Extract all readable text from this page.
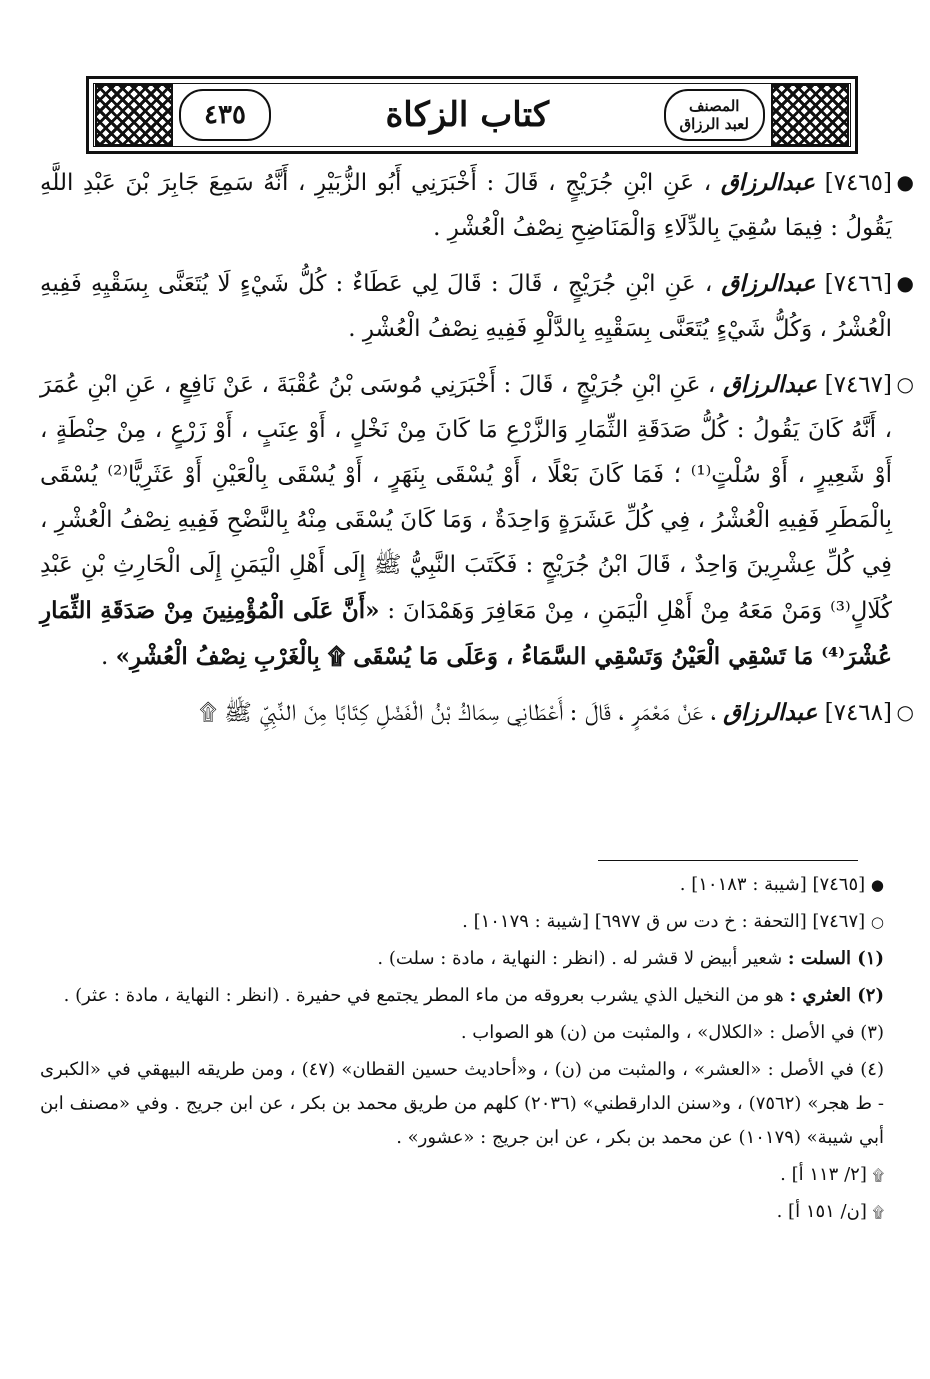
٤٣٥	كتاب الزكاة	المصنف
لعبد الرزاق

●
[٧٤٦٥] عبدالرزاق ، عَنِ ابْنِ جُرَيْجٍ ، قَالَ : أَخْبَرَنِي أَبُو الزُّبَيْرِ ، أَنَّهُ سَمِعَ جَابِرَ بْنَ عَبْدِ اللَّهِ يَقُولُ : فِيمَا سُقِيَ بِالدِّلَاءِ وَالْمَنَاضِحِ نِصْفُ الْعُشْرِ .

●
[٧٤٦٦] عبدالرزاق ، عَنِ ابْنِ جُرَيْجٍ ، قَالَ : قَالَ لِي عَطَاءٌ : كُلُّ شَيْءٍ لَا يُتَعَنَّى بِسَقْيِهِ فَفِيهِ الْعُشْرُ ، وَكُلُّ شَيْءٍ يُتَعَنَّى بِسَقْيِهِ بِالدَّلْوِ فَفِيهِ نِصْفُ الْعُشْرِ .

○
[٧٤٦٧] عبدالرزاق ، عَنِ ابْنِ جُرَيْجٍ ، قَالَ : أَخْبَرَنِي مُوسَى بْنُ عُقْبَةَ ، عَنْ نَافِعٍ ، عَنِ ابْنِ عُمَرَ ، أَنَّهُ كَانَ يَقُولُ : كُلُّ صَدَقَةِ الثِّمَارِ وَالزَّرْعِ مَا كَانَ مِنْ نَخْلٍ ، أَوْ عِنَبٍ ، أَوْ زَرْعٍ ، مِنْ حِنْطَةٍ ، أَوْ شَعِيرٍ ، أَوْ سُلْتٍ⁽¹⁾ ؛ فَمَا كَانَ بَعْلًا ، أَوْ يُسْقَى بِنَهَرٍ ، أَوْ يُسْقَى بِالْعَيْنِ أَوْ عَثَرِيًّا⁽²⁾ يُسْقَى بِالْمَطَرِ فَفِيهِ الْعُشْرُ ، فِي كُلِّ عَشَرَةٍ وَاحِدَةٌ ، وَمَا كَانَ يُسْقَى مِنْهُ بِالنَّضْحِ فَفِيهِ نِصْفُ الْعُشْرِ ، فِي كُلِّ عِشْرِينَ وَاحِدٌ ، قَالَ ابْنُ جُرَيْجٍ : فَكَتَبَ النَّبِيُّ ﷺ إِلَى أَهْلِ الْيَمَنِ إِلَى الْحَارِثِ بْنِ عَبْدِ كُلَالٍ⁽³⁾ وَمَنْ مَعَهُ مِنْ أَهْلِ الْيَمَنِ ، مِنْ مَعَافِرَ وَهَمْدَانَ : «أَنَّ عَلَى الْمُؤْمِنِينَ مِنْ صَدَقَةِ الثِّمَارِ عُشْرَ⁽⁴⁾ مَا تَسْقِي الْعَيْنُ وَتَسْقِي السَّمَاءُ ، وَعَلَى مَا يُسْقَى ۩ بِالْغَرْبِ نِصْفُ الْعُشْرِ» .

○
[٧٤٦٨] عبدالرزاق ، عَنْ مَعْمَرٍ ، قَالَ : أَعْطَانِي سِمَاكُ بْنُ الْفَضْلِ كِتَابًا مِنَ النَّبِيِّ ﷺ ۩

● [٧٤٦٥] [شيبة : ١٠١٨٣] .

○ [٧٤٦٧] [التحفة : خ دت س ق ٦٩٧٧] [شيبة : ١٠١٧٩] .

(١) السلت : شعير أبيض لا قشر له . (انظر : النهاية ، مادة : سلت) .

(٢) العثري : هو من النخيل الذي يشرب بعروقه من ماء المطر يجتمع في حفيرة . (انظر : النهاية ، مادة : عثر) .

(٣) في الأصل : «الكلال» ، والمثبت من (ن) هو الصواب .

(٤) في الأصل : «العشر» ، والمثبت من (ن) ، و«أحاديث حسين القطان» (٤٧) ، ومن طريقه البيهقي في «الكبرى - ط هجر» (٧٥٦٢) ، و«سنن الدارقطني» (٢٠٣٦) كلهم من طريق محمد بن بكر ، عن ابن جريج . وفي «مصنف ابن أبي شيبة» (١٠١٧٩) عن محمد بن بكر ، عن ابن جريج : «عشور» .

۩ [٢/ ١١٣ أ] .

۩ [ن/ ١٥١ أ] .
